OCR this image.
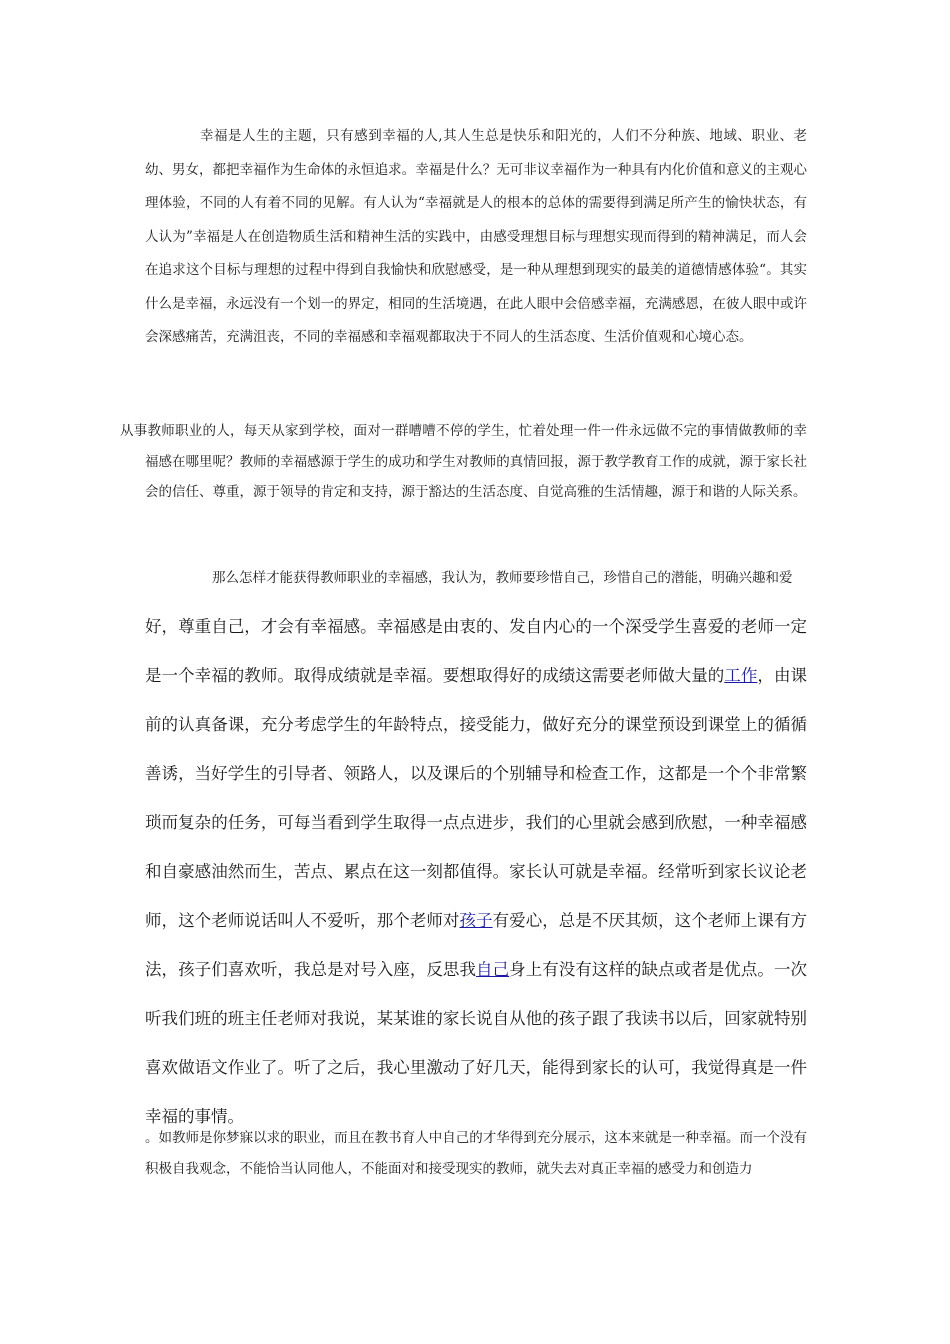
幸福是人生的主题，只有感到幸福的人,其人生总是快乐和阳光的，人们不分种族、地域、职业、老幼、男女，都把幸福作为生命体的永恒追求。幸福是什么？无可非议幸福作为一种具有内化价值和意义的主观心理体验，不同的人有着不同的见解。有人认为“幸福就是人的根本的总体的需要得到满足所产生的愉快状态，有人认为”幸福是人在创造物质生活和精神生活的实践中，由感受理想目标与理想实现而得到的精神满足，而人会在追求这个目标与理想的过程中得到自我愉快和欣慰感受，是一种从理想到现实的最美的道德情感体验“。其实什么是幸福，永远没有一个划一的界定，相同的生活境遇，在此人眼中会倍感幸福，充满感恩，在彼人眼中或许会深感痛苦，充满沮丧，不同的幸福感和幸福观都取决于不同人的生活态度、生活价值观和心境心态。

从事教师职业的人，每天从家到学校，面对一群嘈嘈不停的学生，忙着处理一件一件永远做不完的事情做教师的幸福感在哪里呢？教师的幸福感源于学生的成功和学生对教师的真情回报，源于教学教育工作的成就，源于家长社会的信任、尊重，源于领导的肯定和支持，源于豁达的生活态度、自觉高雅的生活情趣，源于和谐的人际关系。

那么怎样才能获得教师职业的幸福感，我认为，教师要珍惜自己，珍惜自己的潜能，明确兴趣和爱
好，尊重自己，才会有幸福感。幸福感是由衷的、发自内心的一个深受学生喜爱的老师一定是一个幸福的教师。取得成绩就是幸福。要想取得好的成绩这需要老师做大量的工作，由课前的认真备课，充分考虑学生的年龄特点，接受能力，做好充分的课堂预设到课堂上的循循善诱，当好学生的引导者、领路人，以及课后的个别辅导和检查工作，这都是一个个非常繁琐而复杂的任务，可每当看到学生取得一点点进步，我们的心里就会感到欣慰，一种幸福感和自豪感油然而生，苦点、累点在这一刻都值得。家长认可就是幸福。经常听到家长议论老师，这个老师说话叫人不爱听，那个老师对孩子有爱心，总是不厌其烦，这个老师上课有方法，孩子们喜欢听，我总是对号入座，反思我自己身上有没有这样的缺点或者是优点。一次听我们班的班主任老师对我说，某某谁的家长说自从他的孩子跟了我读书以后，回家就特别喜欢做语文作业了。听了之后，我心里激动了好几天，能得到家长的认可，我觉得真是一件幸福的事情。

。如教师是你梦寐以求的职业，而且在教书育人中自己的才华得到充分展示，这本来就是一种幸福。而一个没有积极自我观念，不能恰当认同他人，不能面对和接受现实的教师，就失去对真正幸福的感受力和创造力
